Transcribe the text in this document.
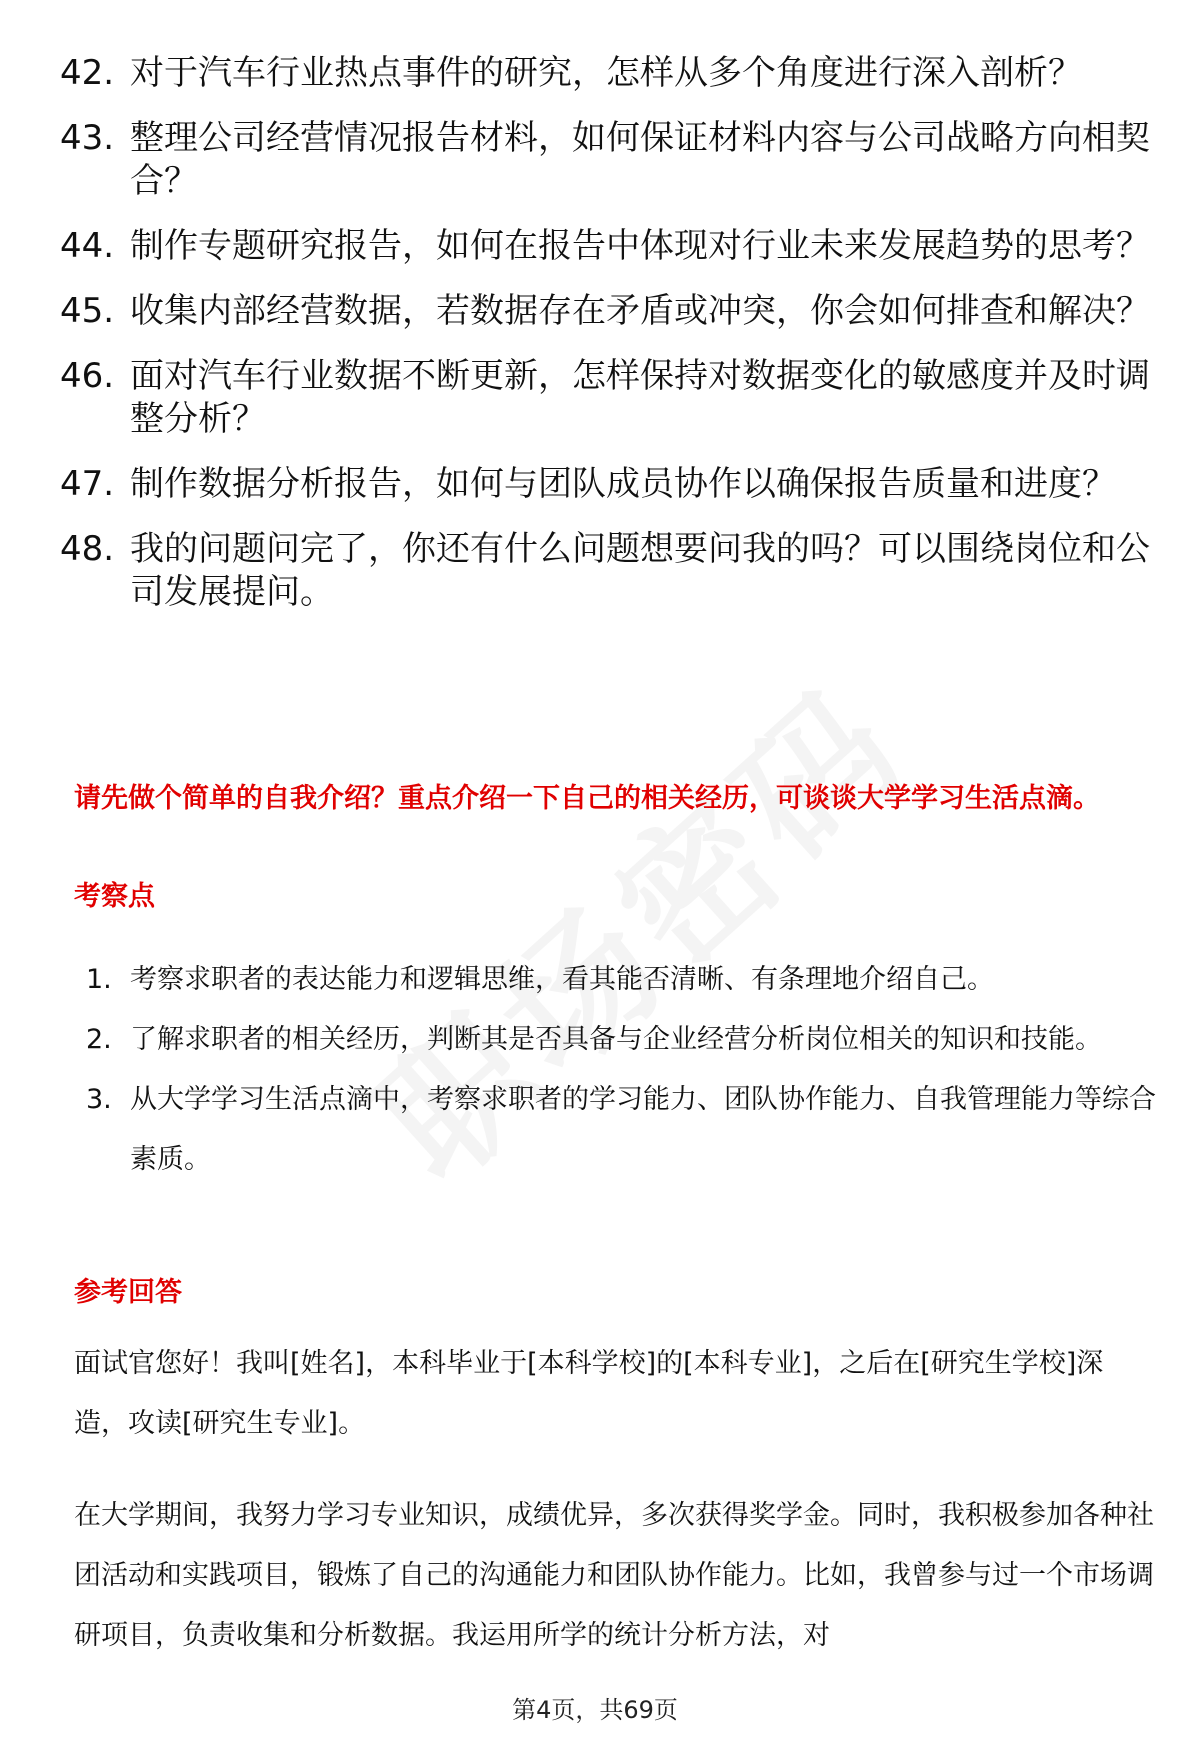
42. 对于汽车行业热点事件的研究，怎样从多个角度进行深入剖析？
43. 整理公司经营情况报告材料，如何保证材料内容与公司战略方向相契合？
44. 制作专题研究报告，如何在报告中体现对行业未来发展趋势的思考？
45. 收集内部经营数据，若数据存在矛盾或冲突，你会如何排查和解决？
46. 面对汽车行业数据不断更新，怎样保持对数据变化的敏感度并及时调整分析？
47. 制作数据分析报告，如何与团队成员协作以确保报告质量和进度？
48. 我的问题问完了，你还有什么问题想要问我的吗？可以围绕岗位和公司发展提问。
请先做个简单的自我介绍？重点介绍一下自己的相关经历，可谈谈大学学习生活点滴。
考察点
1. 考察求职者的表达能力和逻辑思维，看其能否清晰、有条理地介绍自己。
2. 了解求职者的相关经历，判断其是否具备与企业经营分析岗位相关的知识和技能。
3. 从大学学习生活点滴中，考察求职者的学习能力、团队协作能力、自我管理能力等综合素质。
参考回答

面试官您好！我叫[姓名]，本科毕业于[本科学校]的[本科专业]，之后在[研究生学校]深造，攻读[研究生专业]。

在大学期间，我努力学习专业知识，成绩优异，多次获得奖学金。同时，我积极参加各种社团活动和实践项目，锻炼了自己的沟通能力和团队协作能力。比如，我曾参与过一个市场调研项目，负责收集和分析数据。我运用所学的统计分析方法，对

第4页，共69页
